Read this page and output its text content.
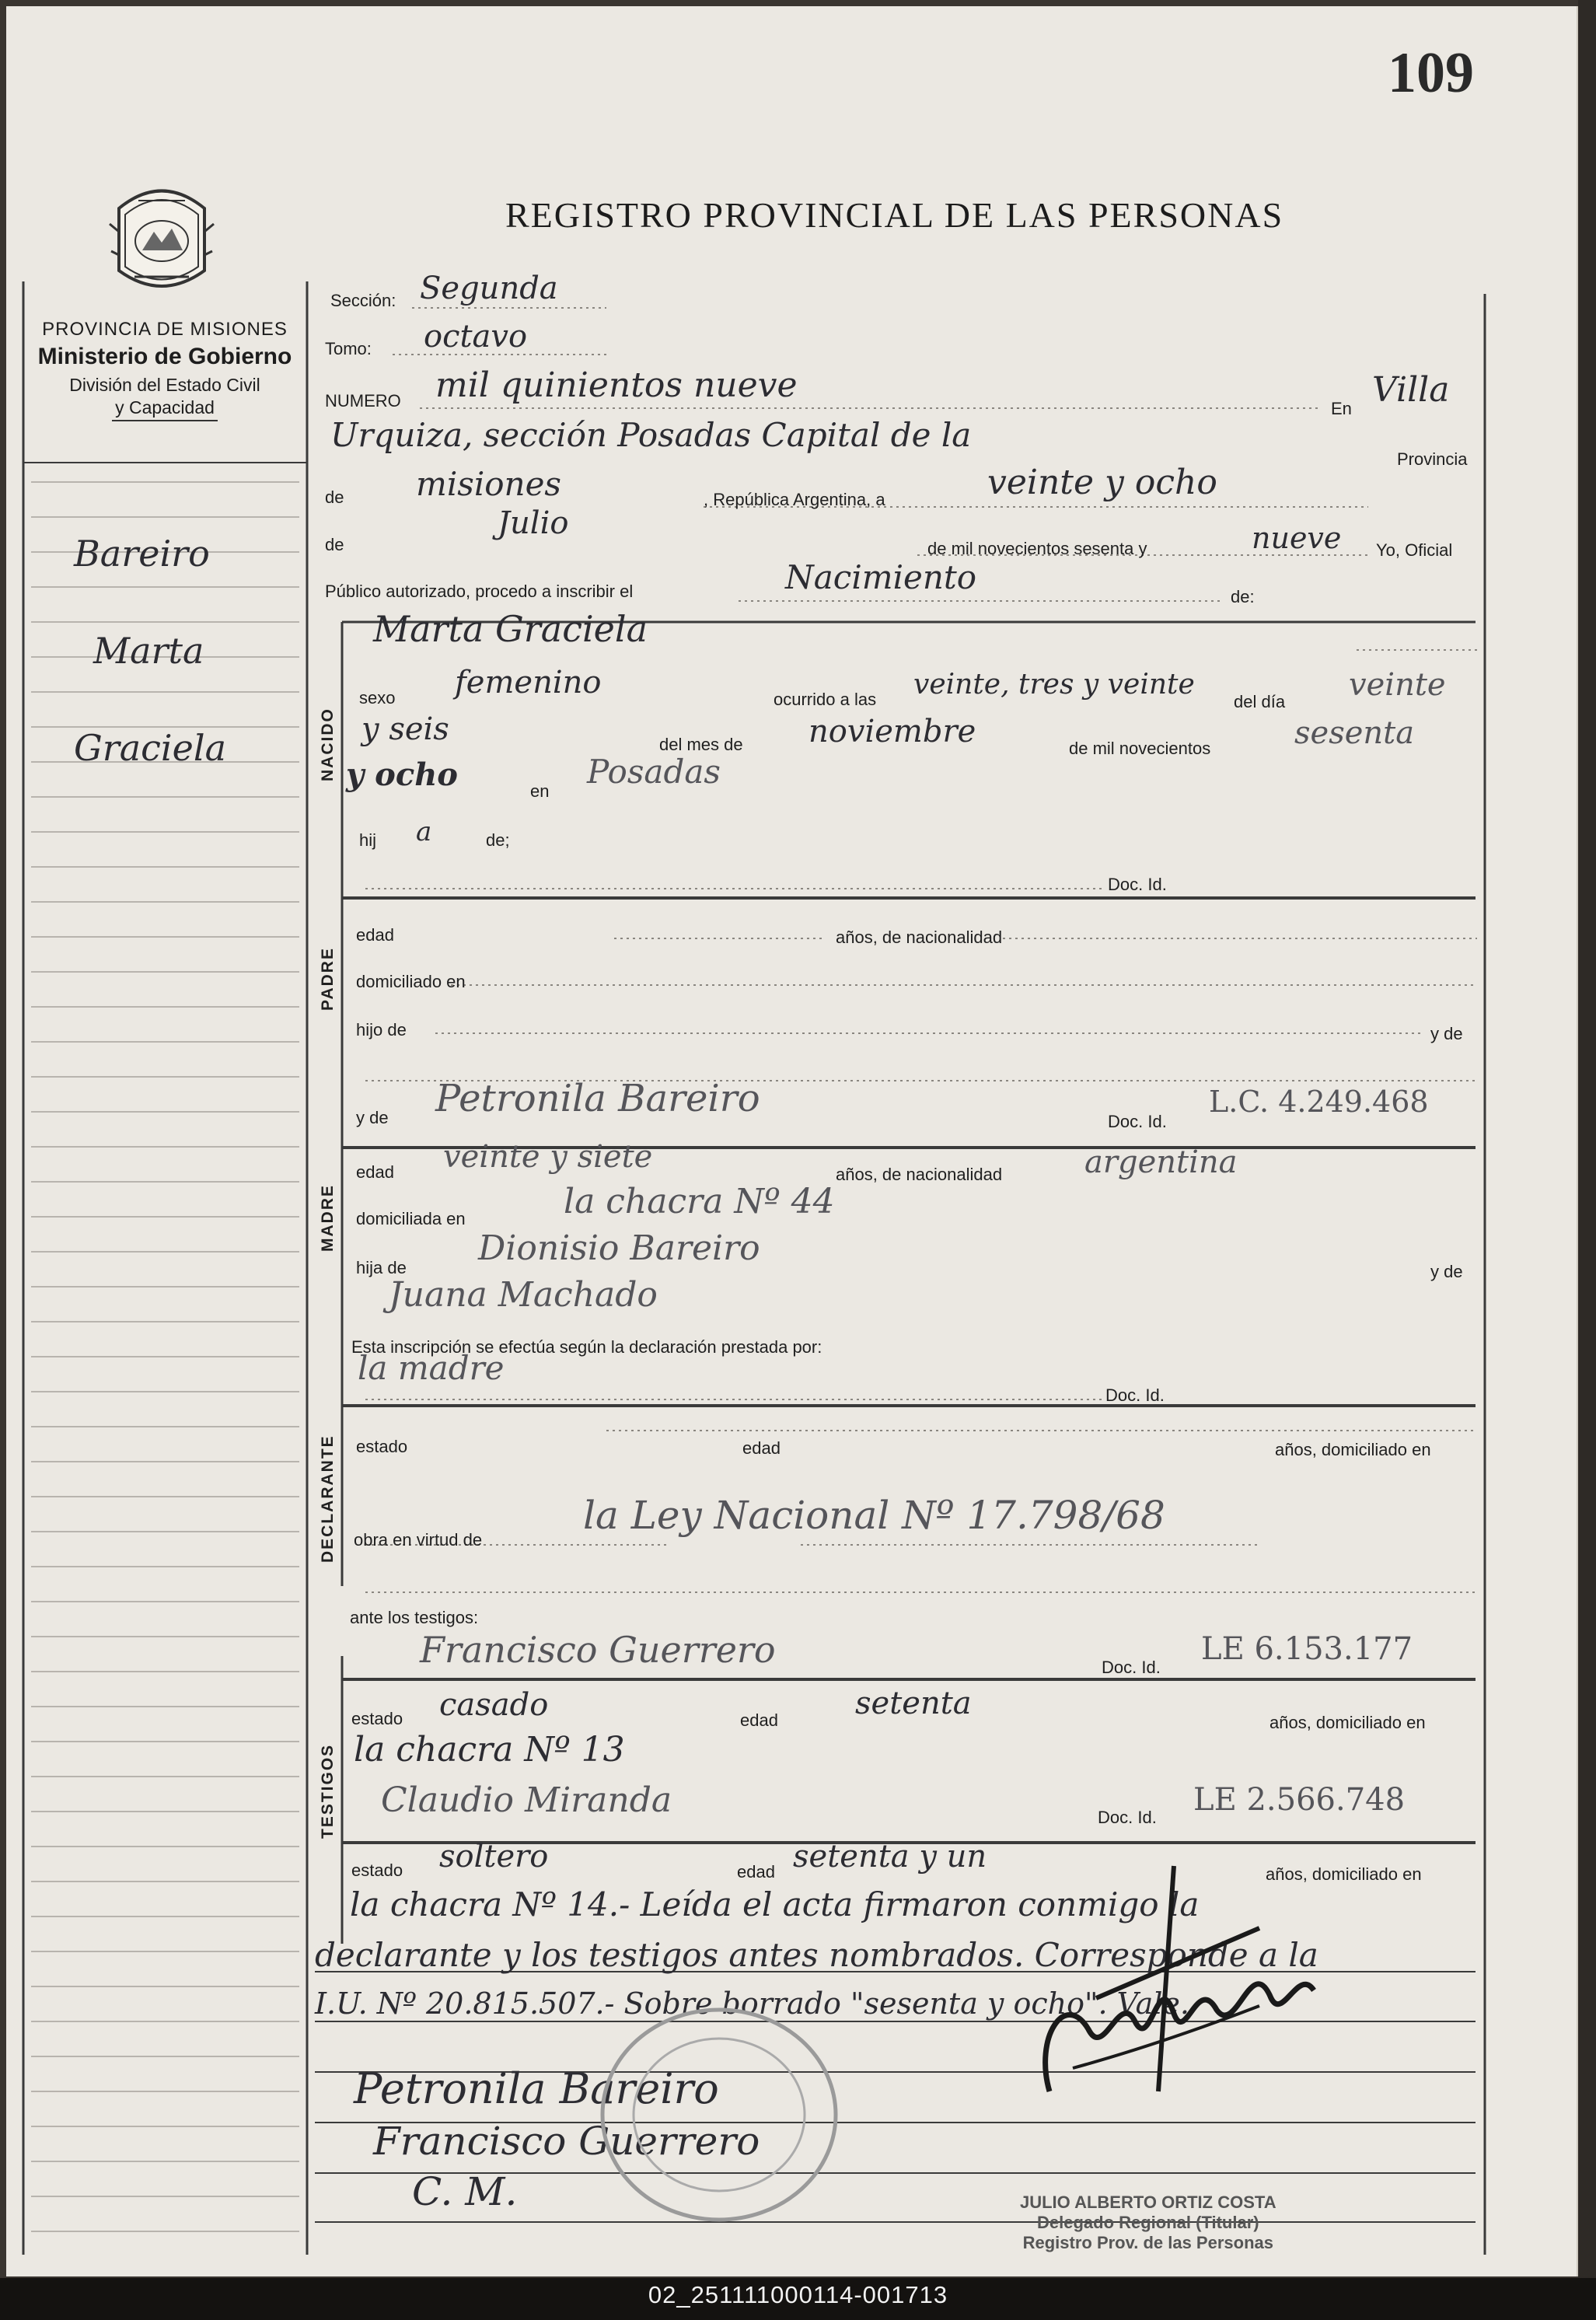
02_251111000114-001713
109
REGISTRO PROVINCIAL DE LAS PERSONAS
PROVINCIA DE MISIONES
Ministerio de Gobierno
División del Estado Civil
y Capacidad
Bareiro
Marta
Graciela
Sección: Segunda
Tomo: octavo
NUMERO mil quinientos nueve
En Villa
Urquiza, sección Posadas Capital de la
Provincia
de misiones	, República Argentina, a	veinte y ocho
de
Julio
de mil novecientos sesenta y	nueve Yo, Oficial
Público autorizado, procedo a inscribir el	Nacimiento
de:
NACIDO
Marta Graciela
sexo femenino	ocurrido a las veinte, tres y veinte
del día veinte
y seis	del mes de noviembre	de mil novecientos	sesenta
y ocho	en
Posadas
hij a	de;
Doc. Id.
PADRE
edad	años, de nacionalidad
domiciliado en
hijo de	y de
MADRE
y de Petronila Bareiro
Doc. Id.
L.C. 4.249.468
edad veinte y siete	años, de nacionalidad	argentina
domiciliada en	la chacra Nº 44
hija de Dionisio Bareiro
y de
Juana Machado
Esta inscripción se efectúa según la declaración prestada por:
DECLARANTE
la madre
Doc. Id.
estado	edad	años, domiciliado en
obra en virtud de
la Ley Nacional Nº 17.798/68
ante los testigos:
TESTIGOS
Francisco Guerrero	Doc. Id.
LE 6.153.177
estado casado	edad setenta
años, domiciliado en
la chacra Nº 13
Claudio Miranda	Doc. Id. LE 2.566.748
estado soltero	edad setenta y un	años, domiciliado en
la chacra Nº 14.- Leída el acta firmaron conmigo la
declarante y los testigos antes nombrados. Corresponde a la
I.U. Nº 20.815.507.- Sobre borrado "sesenta y ocho". Vale.
Petronila Bareiro
Francisco Guerrero
C. M.	JULIO ALBERTO ORTIZ COSTA
Delegado Regional (Titular)
Registro Prov. de las Personas
